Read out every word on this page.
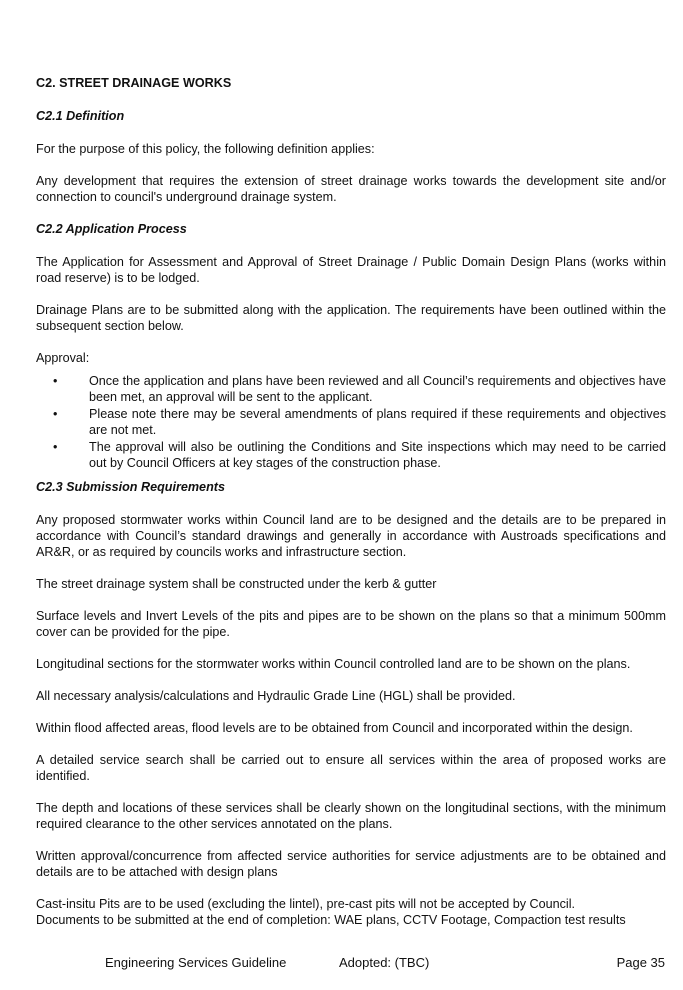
C2. STREET DRAINAGE WORKS
C2.1 Definition

For the purpose of this policy, the following definition applies:

Any development that requires the extension of street drainage works towards the development site and/or connection to council's underground drainage system.

C2.2 Application Process

The Application for Assessment and Approval of Street Drainage / Public Domain Design Plans (works within road reserve) is to be lodged.

Drainage Plans are to be submitted along with the application. The requirements have been outlined within the subsequent section below.

Approval:

•	Once the application and plans have been reviewed and all Council’s requirements and objectives have been met, an approval will be sent to the applicant.
•	Please note there may be several amendments of plans required if these requirements and objectives are not met.
•	The approval will also be outlining the Conditions and Site inspections which may need to be carried out by Council Officers at key stages of the construction phase.
C2.3 Submission Requirements

Any proposed stormwater works within Council land are to be designed and the details are to be prepared in accordance with Council’s standard drawings and generally in accordance with Austroads specifications and AR&R, or as required by councils works and infrastructure section.

The street drainage system shall be constructed under the kerb & gutter

Surface levels and Invert Levels of the pits and pipes are to be shown on the plans so that a minimum 500mm cover can be provided for the pipe.

Longitudinal sections for the stormwater works within Council controlled land are to be shown on the plans.

All necessary analysis/calculations and Hydraulic Grade Line (HGL) shall be provided.

Within flood affected areas, flood levels are to be obtained from Council and incorporated within the design.

A detailed service search shall be carried out to ensure all services within the area of proposed works are identified.

The depth and locations of these services shall be clearly shown on the longitudinal sections, with the minimum required clearance to the other services annotated on the plans.

Written approval/concurrence from affected service authorities for service adjustments are to be obtained and details are to be attached with design plans

Cast-insitu Pits are to be used (excluding the lintel), pre-cast pits will not be accepted by Council.
Documents to be submitted at the end of completion: WAE plans, CCTV Footage, Compaction test results
Engineering Services Guideline	Adopted: (TBC)	Page 35
